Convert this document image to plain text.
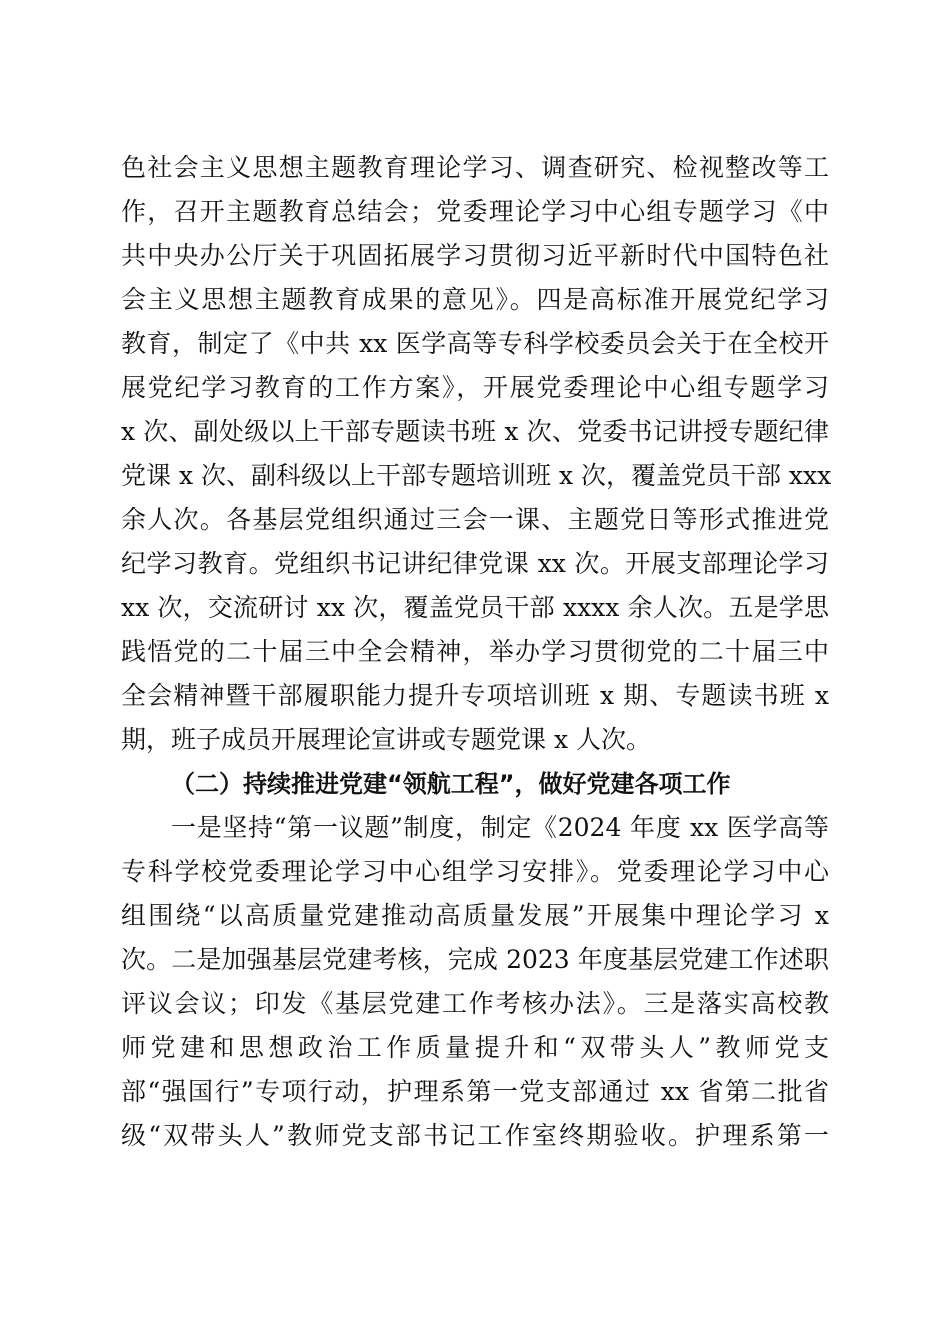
色社会主义思想主题教育理论学习、调查研究、检视整改等工
作，召开主题教育总结会；党委理论学习中心组专题学习《中
共中央办公厅关于巩固拓展学习贯彻习近平新时代中国特色社
会主义思想主题教育成果的意见》。四是高标准开展党纪学习
教育，制定了《中共 xx 医学高等专科学校委员会关于在全校开
展党纪学习教育的工作方案》，开展党委理论中心组专题学习
x 次、副处级以上干部专题读书班 x 次、党委书记讲授专题纪律
党课 x 次、副科级以上干部专题培训班 x 次，覆盖党员干部 xxx
余人次。各基层党组织通过三会一课、主题党日等形式推进党
纪学习教育。党组织书记讲纪律党课 xx 次。开展支部理论学习
xx 次，交流研讨 xx 次，覆盖党员干部 xxxx 余人次。五是学思
践悟党的二十届三中全会精神，举办学习贯彻党的二十届三中
全会精神暨干部履职能力提升专项培训班 x 期、专题读书班 x
期，班子成员开展理论宣讲或专题党课 x 人次。
（二）持续推进党建“领航工程”，做好党建各项工作
一是坚持“第一议题”制度，制定《2024 年度 xx 医学高等
专科学校党委理论学习中心组学习安排》。党委理论学习中心
组围绕“以高质量党建推动高质量发展”开展集中理论学习 x
次。二是加强基层党建考核，完成 2023 年度基层党建工作述职
评议会议；印发《基层党建工作考核办法》。三是落实高校教
师党建和思想政治工作质量提升和“双带头人”教师党支
部“强国行”专项行动，护理系第一党支部通过 xx 省第二批省
级“双带头人”教师党支部书记工作室终期验收。护理系第一
